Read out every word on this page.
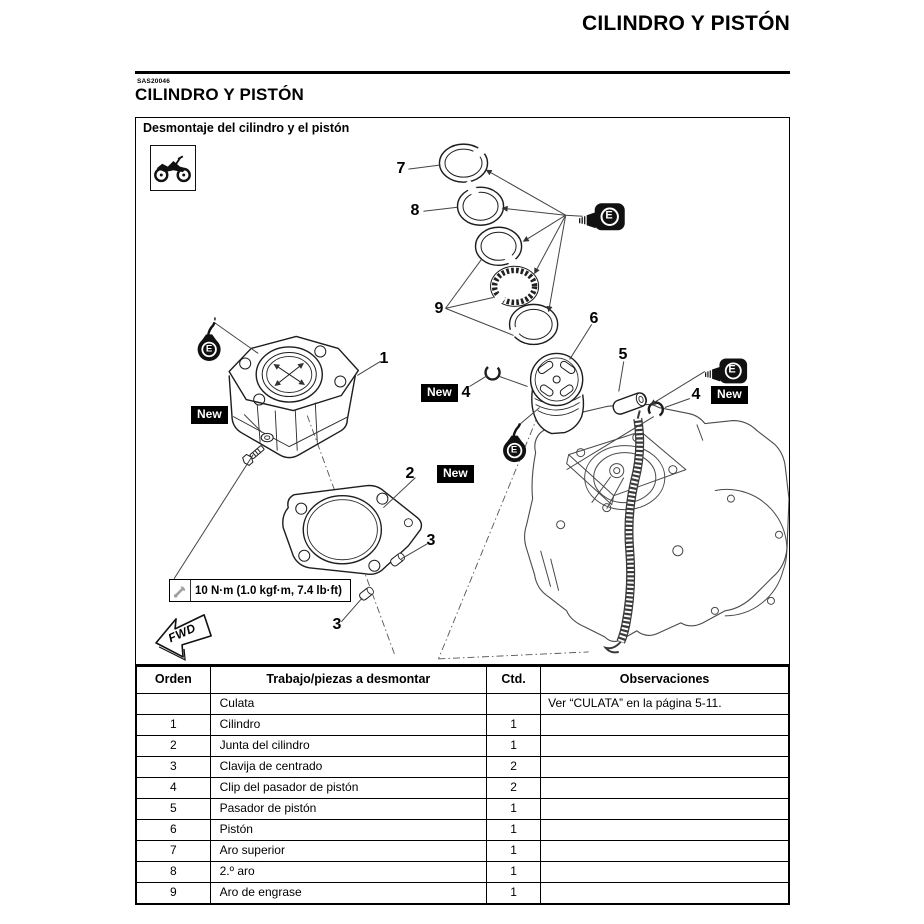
CILINDRO Y PISTÓN
SAS20046
CILINDRO Y PISTÓN
Desmontaje del cilindro y el pistón
7
8
9
1
2
3
3
4	4
5
6
New
New
New	New
E
E
E
E
10 N·m (1.0 kgf·m, 7.4 lb·ft)
FWD
Orden	Trabajo/piezas a desmontar	Ctd.	Observaciones
	Culata		Ver “CULATA” en la página 5-11.
1	Cilindro	1	
2	Junta del cilindro	1	
3	Clavija de centrado	2	
4	Clip del pasador de pistón	2	
5	Pasador de pistón	1	
6	Pistón	1	
7	Aro superior	1	
8	2.º aro	1	
9	Aro de engrase	1	
